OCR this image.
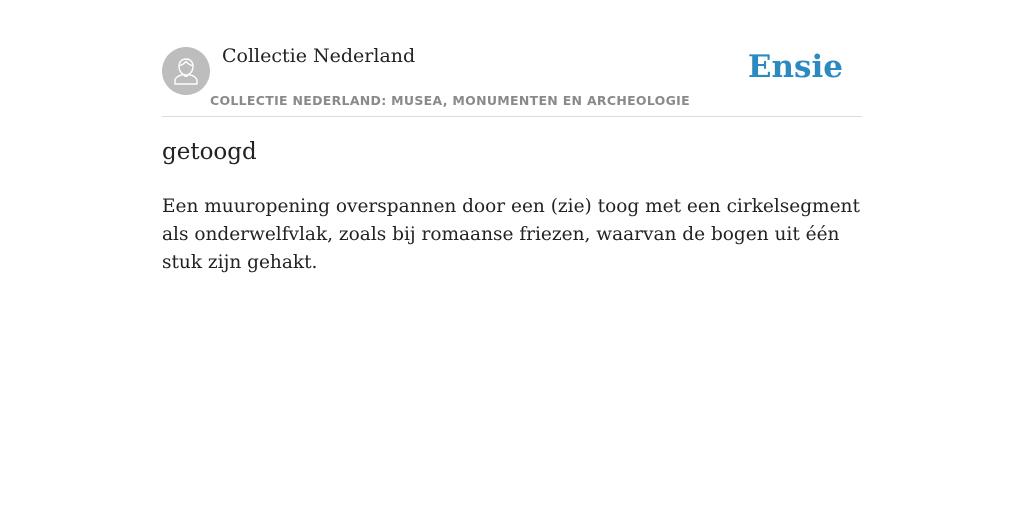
Collectie Nederland
COLLECTIE NEDERLAND: MUSEA, MONUMENTEN EN ARCHEOLOGIE
Ensie
getoogd

Een muuropening overspannen door een (zie) toog met een cirkelsegment als onderwelfvlak, zoals bij romaanse friezen, waarvan de bogen uit één stuk zijn gehakt.
